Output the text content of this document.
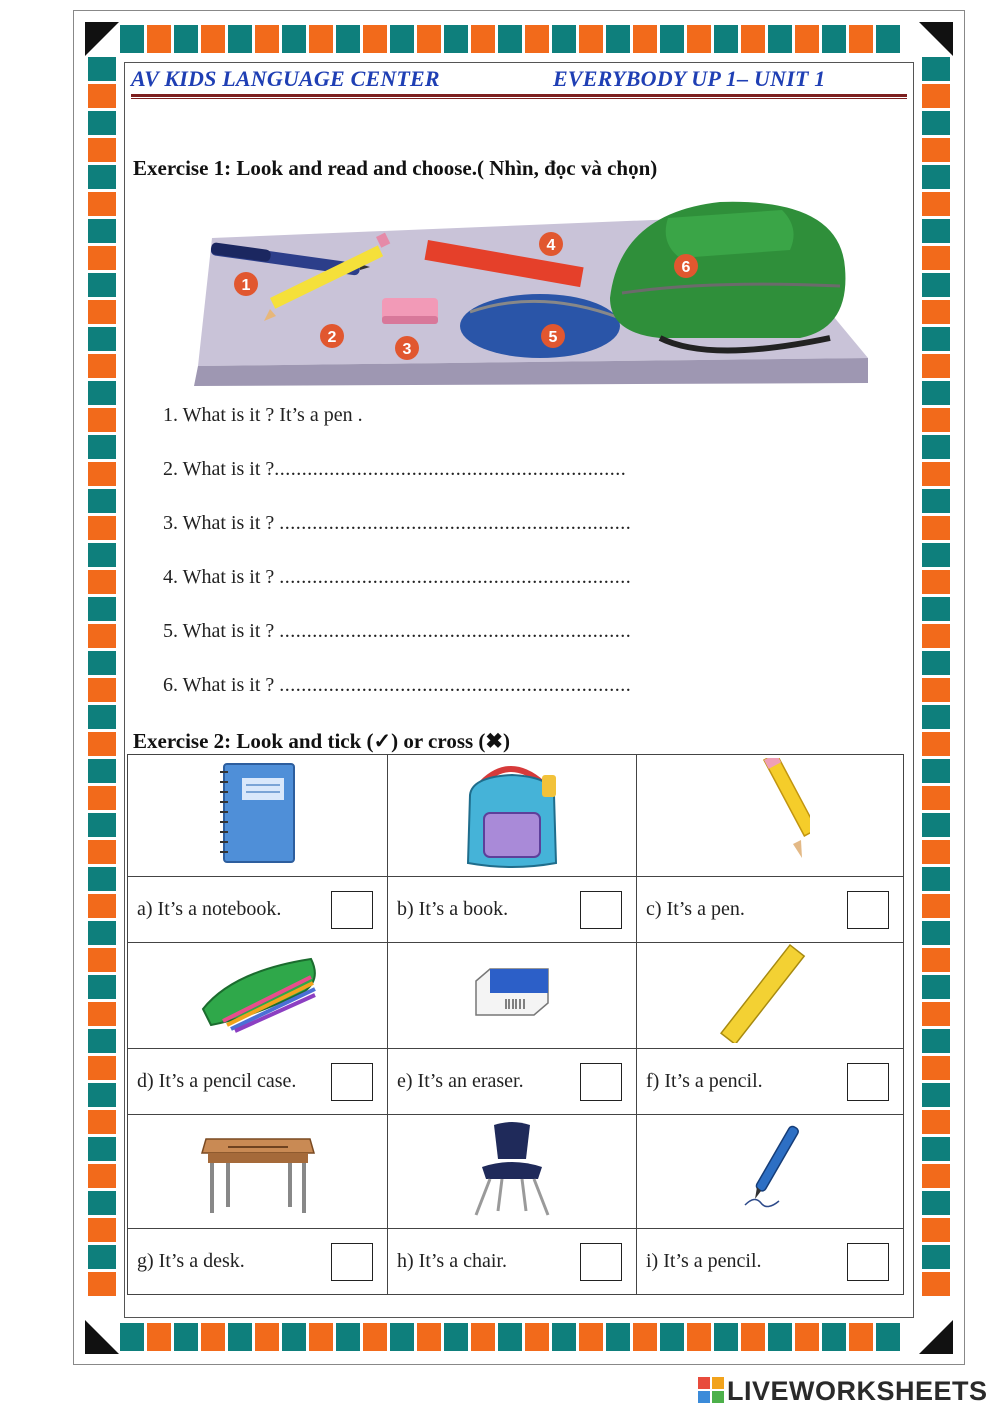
AV KIDS LANGUAGE CENTER	EVERYBODY UP 1– UNIT 1
Exercise 1: Look and read and choose.( Nhìn, đọc và chọn)
1
2
3
4
5
6
1. What is it ? It’s a pen .
2. What is it ?................................................................
3. What is it ? ................................................................
4. What is it ? ................................................................
5. What is it ? ................................................................
6. What is it ? ................................................................
Exercise 2: Look and tick (✓) or cross (✖)

a) It’s a notebook.	b) It’s a book.	c) It’s a pen.

d) It’s a pencil case.	e) It’s an eraser.	f) It’s a pencil.

g) It’s a desk.	h) It’s a chair.	i) It’s a pencil.
LIVEWORKSHEETS
